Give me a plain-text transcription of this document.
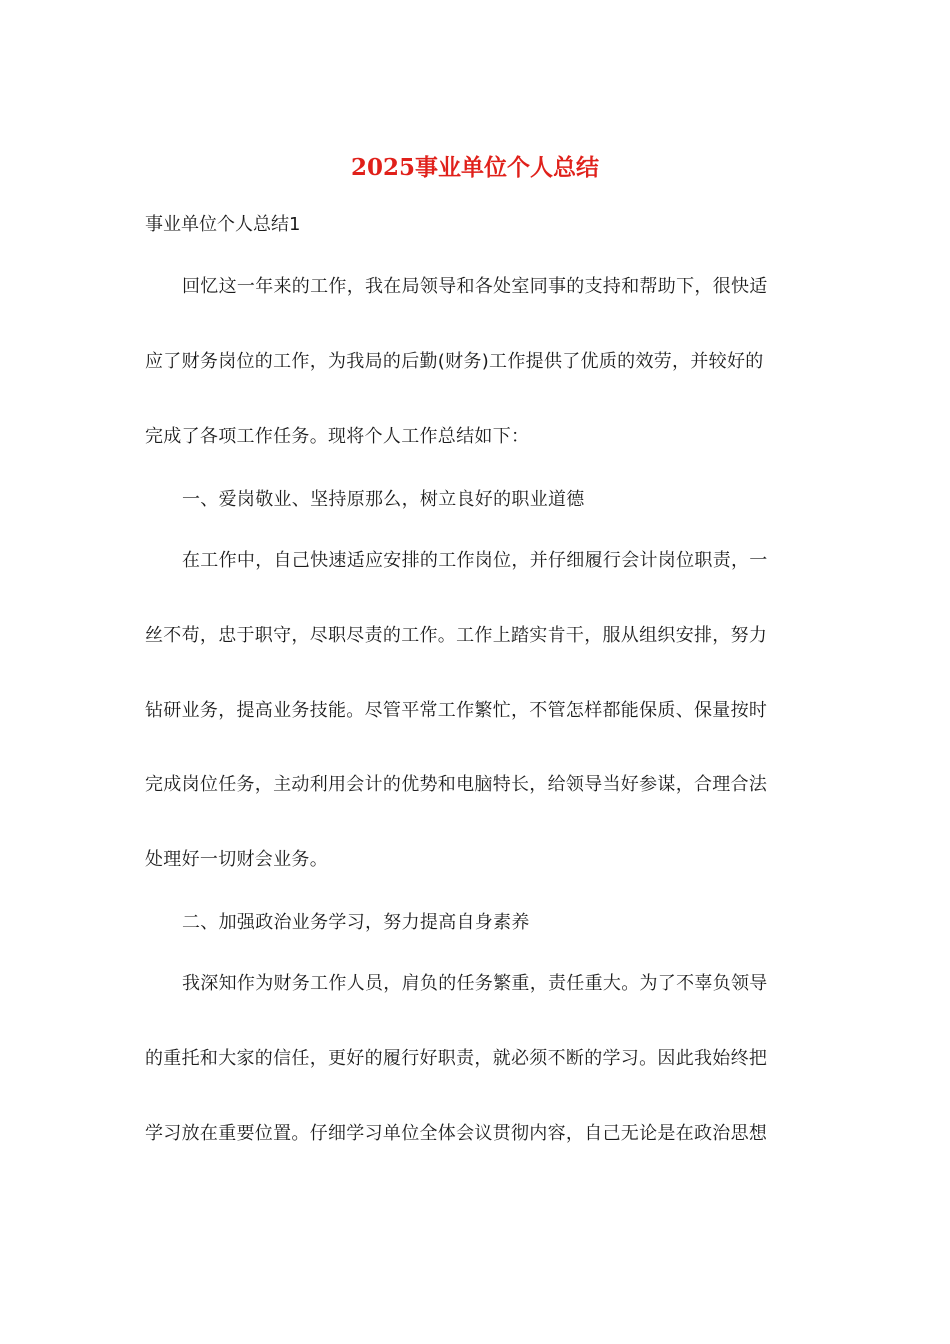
2025事业单位个人总结

事业单位个人总结1

回忆这一年来的工作，我在局领导和各处室同事的支持和帮助下，很快适

应了财务岗位的工作，为我局的后勤(财务)工作提供了优质的效劳，并较好的

完成了各项工作任务。现将个人工作总结如下：

一、爱岗敬业、坚持原那么，树立良好的职业道德

在工作中，自己快速适应安排的工作岗位，并仔细履行会计岗位职责，一

丝不苟，忠于职守，尽职尽责的工作。工作上踏实肯干，服从组织安排，努力

钻研业务，提高业务技能。尽管平常工作繁忙，不管怎样都能保质、保量按时

完成岗位任务，主动利用会计的优势和电脑特长，给领导当好参谋，合理合法

处理好一切财会业务。

二、加强政治业务学习，努力提高自身素养

我深知作为财务工作人员，肩负的任务繁重，责任重大。为了不辜负领导

的重托和大家的信任，更好的履行好职责，就必须不断的学习。因此我始终把

学习放在重要位置。仔细学习单位全体会议贯彻内容，自己无论是在政治思想
